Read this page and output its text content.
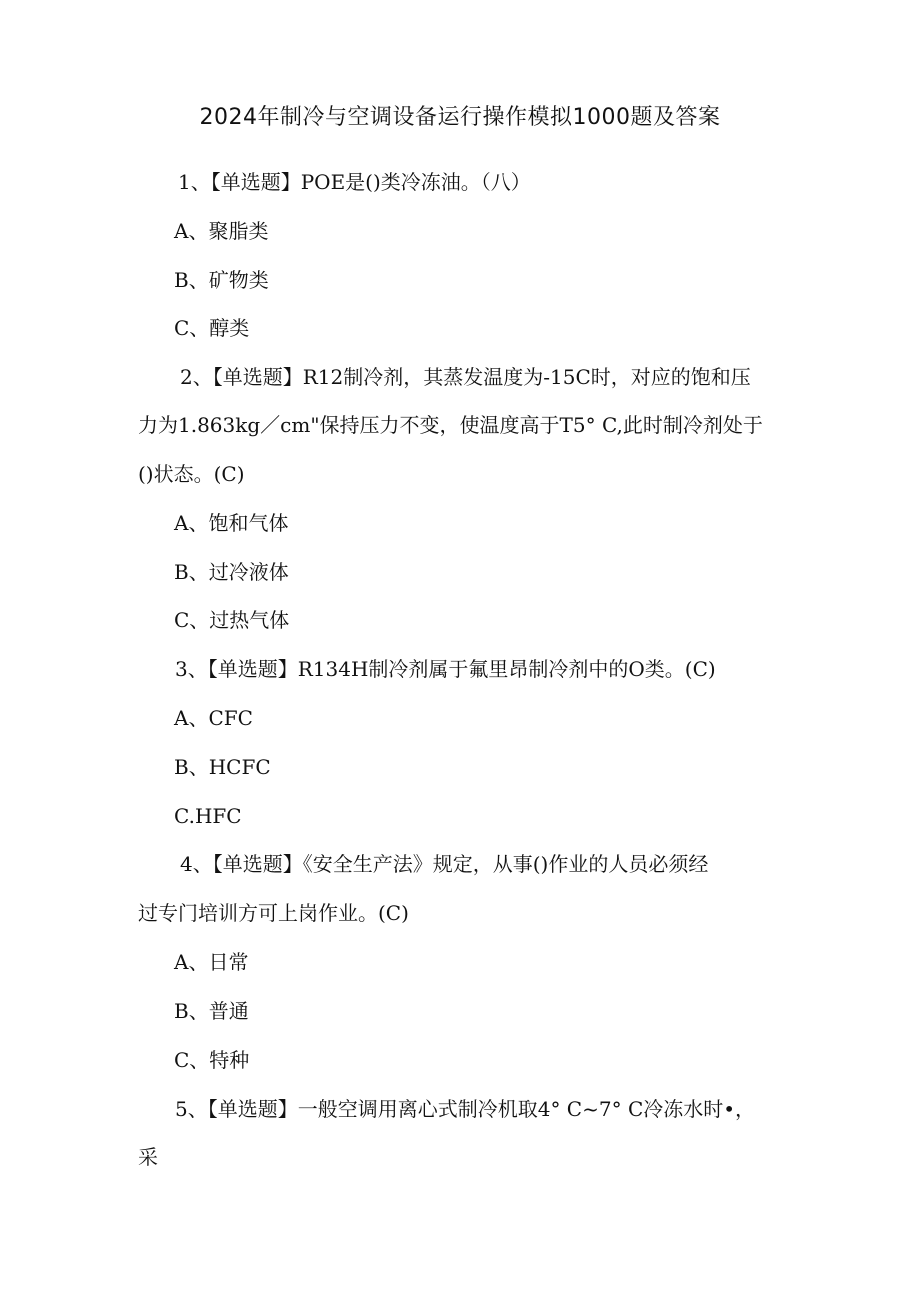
2024年制冷与空调设备运行操作模拟1000题及答案
1、【单选题】POE是()类冷冻油。（八）
A、聚脂类
B、矿物类
C、醇类
2、【单选题】R12制冷剂，其蒸发温度为-15C时，对应的饱和压
力为1.863kg／cm"保持压力不变，使温度高于T5° C,此时制冷剂处于
()状态。(C)
A、饱和气体
B、过冷液体
C、过热气体
3、【单选题】R134H制冷剂属于氟里昂制冷剂中的O类。(C)
A、CFC
B、HCFC
C.HFC
4、【单选题】《安全生产法》规定，从事()作业的人员必须经
过专门培训方可上岗作业。(C)
A、日常
B、普通
C、特种
5、【单选题】一般空调用离心式制冷机取4° C~7° C冷冻水时•，
采
